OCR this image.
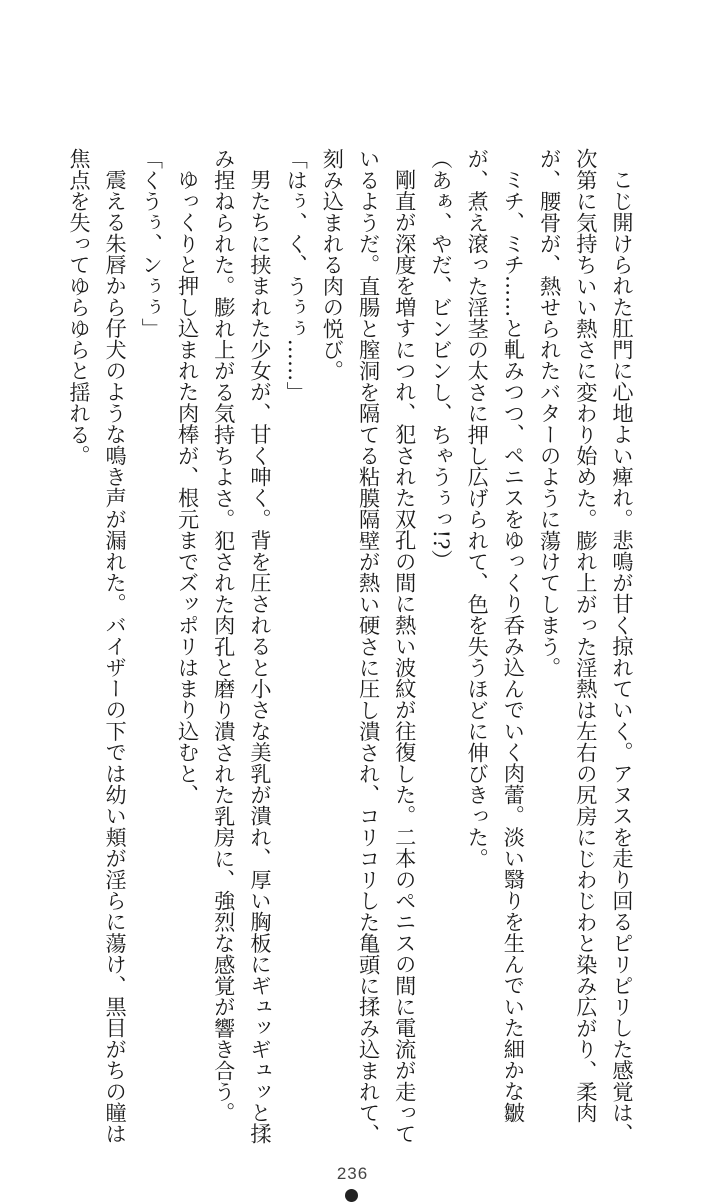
こじ開けられた肛門に心地よい痺れ。悲鳴が甘く掠れていく。アヌスを走り回るピリピリした感覚は、次第に気持ちいい熱さに変わり始めた。膨れ上がった淫熱は左右の尻房にじわじわと染み広がり、柔肉が、腰骨が、熱せられたバターのように蕩けてしまう。

ミチ、ミチ……と軋みつつ、ペニスをゆっくり呑み込んでいく肉蕾。淡い翳りを生んでいた細かな皺が、煮え滾った淫茎の太さに押し広げられて、色を失うほどに伸びきった。

（あぁ、やだ、ビンビンし、ちゃうぅっ!?）

剛直が深度を増すにつれ、犯された双孔の間に熱い波紋が往復した。二本のペニスの間に電流が走っているようだ。直腸と膣洞を隔てる粘膜隔壁が熱い硬さに圧し潰され、コリコリした亀頭に揉み込まれて、刻み込まれる肉の悦び。

「はぅ、く、うぅぅ……」

男たちに挟まれた少女が、甘く呻く。背を圧されると小さな美乳が潰れ、厚い胸板にギュッギュッと揉み捏ねられた。膨れ上がる気持ちよさ。犯された肉孔と磨り潰された乳房に、強烈な感覚が響き合う。

ゆっくりと押し込まれた肉棒が、根元までズッポリはまり込むと、

「くうぅ、ンぅぅ」

震える朱唇から仔犬のような鳴き声が漏れた。バイザーの下では幼い頬が淫らに蕩け、黒目がちの瞳は焦点を失ってゆらゆらと揺れる。

236
